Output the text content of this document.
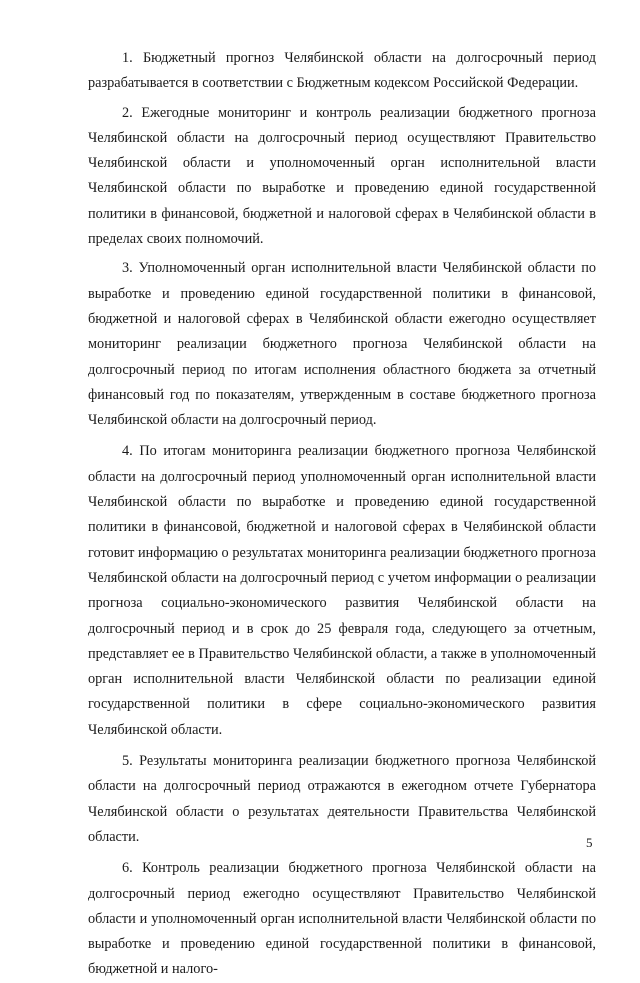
1. Бюджетный прогноз Челябинской области на долгосрочный период разрабатывается в соответствии с Бюджетным кодексом Российской Федерации.

2. Ежегодные мониторинг и контроль реализации бюджетного прогноза Челябинской области на долгосрочный период осуществляют Правительство Челябинской области и уполномоченный орган исполнительной власти Челябинской области по выработке и проведению единой государственной политики в финансовой, бюджетной и налоговой сферах в Челябинской области в пределах своих полномочий.

3. Уполномоченный орган исполнительной власти Челябинской области по выработке и проведению единой государственной политики в финансовой, бюджетной и налоговой сферах в Челябинской области ежегодно осуществляет мониторинг реализации бюджетного прогноза Челябинской области на долгосрочный период по итогам исполнения областного бюджета за отчетный финансовый год по показателям, утвержденным в составе бюджетного прогноза Челябинской области на долгосрочный период.

4. По итогам мониторинга реализации бюджетного прогноза Челябинской области на долгосрочный период уполномоченный орган исполнительной власти Челябинской области по выработке и проведению единой государственной политики в финансовой, бюджетной и налоговой сферах в Челябинской области готовит информацию о результатах мониторинга реализации бюджетного прогноза Челябинской области на долгосрочный период с учетом информации о реализации прогноза социально-экономического развития Челябинской области на долгосрочный период и в срок до 25 февраля года, следующего за отчетным, представляет ее в Правительство Челябинской области, а также в уполномоченный орган исполнительной власти Челябинской области по реализации единой государственной политики в сфере социально-экономического развития Челябинской области.

5. Результаты мониторинга реализации бюджетного прогноза Челябинской области на долгосрочный период отражаются в ежегодном отчете Губернатора Челябинской области о результатах деятельности Правительства Челябинской области.

6. Контроль реализации бюджетного прогноза Челябинской области на долгосрочный период ежегодно осуществляют Правительство Челябинской области и уполномоченный орган исполнительной власти Челябинской области по выработке и проведению единой государственной политики в финансовой, бюджетной и налого-

5
